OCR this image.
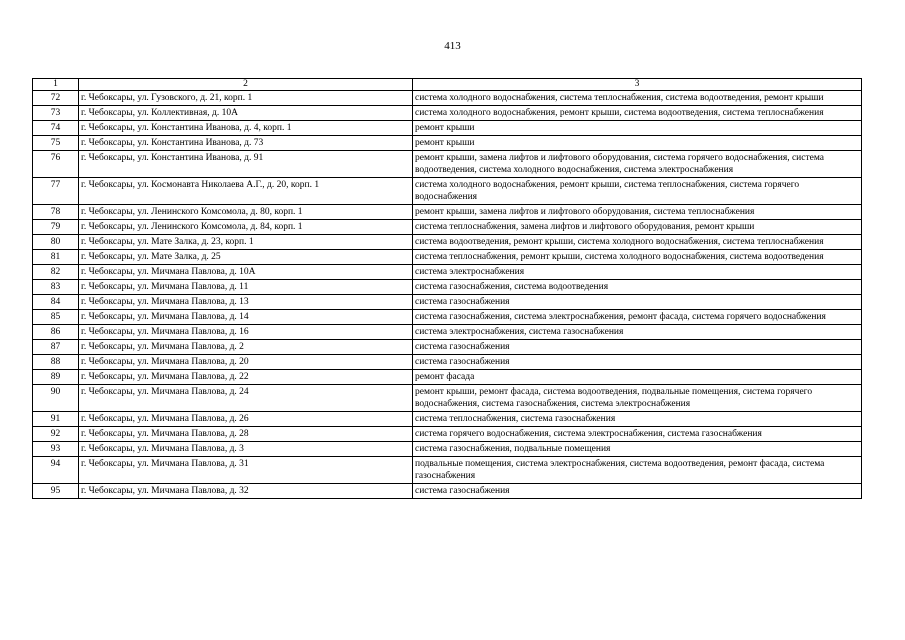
413
1	2	3
72	г. Чебоксары, ул. Гузовского, д. 21, корп. 1	система холодного водоснабжения, система теплоснабжения, система водоотведения, ремонт крыши
73	г. Чебоксары, ул. Коллективная, д. 10А	система холодного водоснабжения, ремонт крыши, система водоотведения, система теплоснабжения
74	г. Чебоксары, ул. Константина Иванова, д. 4, корп. 1	ремонт крыши
75	г. Чебоксары, ул. Константина Иванова, д. 73	ремонт крыши
76	г. Чебоксары, ул. Константина Иванова, д. 91	ремонт крыши, замена лифтов и лифтового оборудования, система горячего водоснабжения, система водоотведения, система холодного водоснабжения, система электроснабжения
77	г. Чебоксары, ул. Космонавта Николаева А.Г., д. 20, корп. 1	система холодного водоснабжения, ремонт крыши, система теплоснабжения, система горячего водоснабжения
78	г. Чебоксары, ул. Ленинского Комсомола, д. 80, корп. 1	ремонт крыши, замена лифтов и лифтового оборудования, система теплоснабжения
79	г. Чебоксары, ул. Ленинского Комсомола, д. 84, корп. 1	система теплоснабжения, замена лифтов и лифтового оборудования, ремонт крыши
80	г. Чебоксары, ул. Мате Залка, д. 23, корп. 1	система водоотведения, ремонт крыши, система холодного водоснабжения, система теплоснабжения
81	г. Чебоксары, ул. Мате Залка, д. 25	система теплоснабжения, ремонт крыши, система холодного водоснабжения, система водоотведения
82	г. Чебоксары, ул. Мичмана Павлова, д. 10А	система электроснабжения
83	г. Чебоксары, ул. Мичмана Павлова, д. 11	система газоснабжения, система водоотведения
84	г. Чебоксары, ул. Мичмана Павлова, д. 13	система газоснабжения
85	г. Чебоксары, ул. Мичмана Павлова, д. 14	система газоснабжения, система электроснабжения, ремонт фасада, система горячего водоснабжения
86	г. Чебоксары, ул. Мичмана Павлова, д. 16	система электроснабжения, система газоснабжения
87	г. Чебоксары, ул. Мичмана Павлова, д. 2	система газоснабжения
88	г. Чебоксары, ул. Мичмана Павлова, д. 20	система газоснабжения
89	г. Чебоксары, ул. Мичмана Павлова, д. 22	ремонт фасада
90	г. Чебоксары, ул. Мичмана Павлова, д. 24	ремонт крыши, ремонт фасада, система водоотведения, подвальные помещения, система горячего водоснабжения, система газоснабжения, система электроснабжения
91	г. Чебоксары, ул. Мичмана Павлова, д. 26	система теплоснабжения, система газоснабжения
92	г. Чебоксары, ул. Мичмана Павлова, д. 28	система горячего водоснабжения, система электроснабжения, система газоснабжения
93	г. Чебоксары, ул. Мичмана Павлова, д. 3	система газоснабжения, подвальные помещения
94	г. Чебоксары, ул. Мичмана Павлова, д. 31	подвальные помещения, система электроснабжения, система водоотведения, ремонт фасада, система газоснабжения
95	г. Чебоксары, ул. Мичмана Павлова, д. 32	система газоснабжения
